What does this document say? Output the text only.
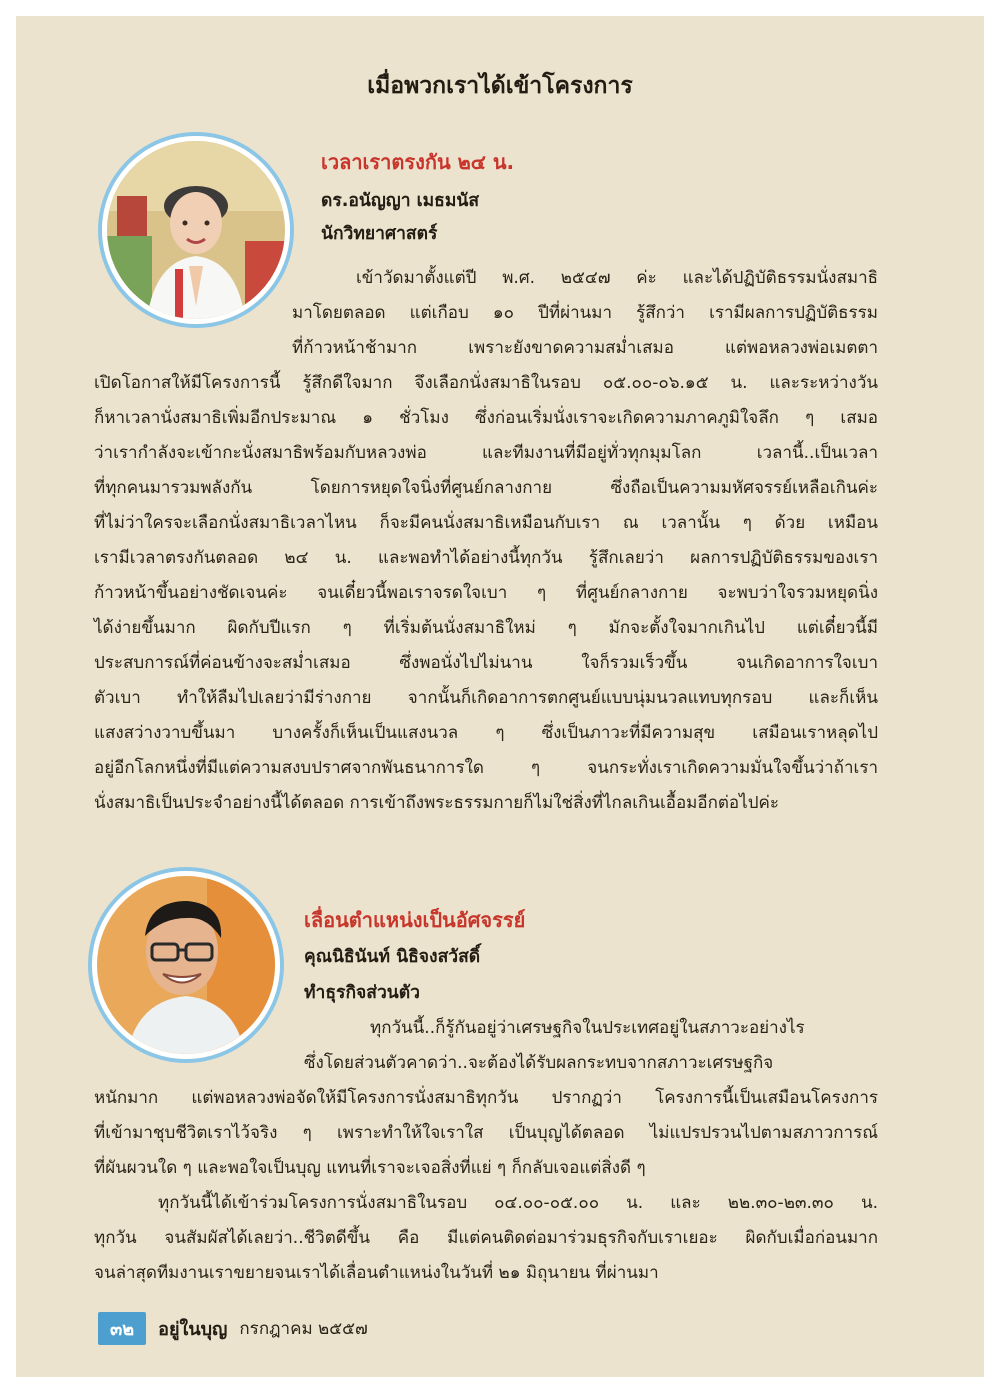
เมื่อพวกเราได้เข้าโครงการ

เวลาเราตรงกัน ๒๔ น.

ดร.อนัญญา เมธมนัส

นักวิทยาศาสตร์

เข้าวัดมาตั้งแต่ปี พ.ศ. ๒๕๔๗ ค่ะ และได้ปฏิบัติธรรมนั่งสมาธิ

มาโดยตลอด แต่เกือบ ๑๐ ปีที่ผ่านมา รู้สึกว่า เรามีผลการปฏิบัติธรรม

ที่ก้าวหน้าช้ามาก เพราะยังขาดความสม่ำเสมอ แต่พอหลวงพ่อเมตตา

เปิดโอกาสให้มีโครงการนี้ รู้สึกดีใจมาก จึงเลือกนั่งสมาธิในรอบ ๐๕.๐๐-๐๖.๑๕ น. และระหว่างวัน

ก็หาเวลานั่งสมาธิเพิ่มอีกประมาณ ๑ ชั่วโมง ซึ่งก่อนเริ่มนั่งเราจะเกิดความภาคภูมิใจลึก ๆ เสมอ

ว่าเรากำลังจะเข้ากะนั่งสมาธิพร้อมกับหลวงพ่อ และทีมงานที่มีอยู่ทั่วทุกมุมโลก เวลานี้..เป็นเวลา

ที่ทุกคนมารวมพลังกัน โดยการหยุดใจนิ่งที่ศูนย์กลางกาย ซึ่งถือเป็นความมหัศจรรย์เหลือเกินค่ะ

ที่ไม่ว่าใครจะเลือกนั่งสมาธิเวลาไหน ก็จะมีคนนั่งสมาธิเหมือนกับเรา ณ เวลานั้น ๆ ด้วย เหมือน

เรามีเวลาตรงกันตลอด ๒๔ น. และพอทำได้อย่างนี้ทุกวัน รู้สึกเลยว่า ผลการปฏิบัติธรรมของเรา

ก้าวหน้าขึ้นอย่างชัดเจนค่ะ จนเดี๋ยวนี้พอเราจรดใจเบา ๆ ที่ศูนย์กลางกาย จะพบว่าใจรวมหยุดนิ่ง

ได้ง่ายขึ้นมาก ผิดกับปีแรก ๆ ที่เริ่มต้นนั่งสมาธิใหม่ ๆ มักจะตั้งใจมากเกินไป แต่เดี๋ยวนี้มี

ประสบการณ์ที่ค่อนข้างจะสม่ำเสมอ ซึ่งพอนั่งไปไม่นาน ใจก็รวมเร็วขึ้น จนเกิดอาการใจเบา

ตัวเบา ทำให้ลืมไปเลยว่ามีร่างกาย จากนั้นก็เกิดอาการตกศูนย์แบบนุ่มนวลแทบทุกรอบ และก็เห็น

แสงสว่างวาบขึ้นมา บางครั้งก็เห็นเป็นแสงนวล ๆ ซึ่งเป็นภาวะที่มีความสุข เสมือนเราหลุดไป

อยู่อีกโลกหนึ่งที่มีแต่ความสงบปราศจากพันธนาการใด ๆ จนกระทั่งเราเกิดความมั่นใจขึ้นว่าถ้าเรา

นั่งสมาธิเป็นประจำอย่างนี้ได้ตลอด การเข้าถึงพระธรรมกายก็ไม่ใช่สิ่งที่ไกลเกินเอื้อมอีกต่อไปค่ะ

เลื่อนตำแหน่งเป็นอัศจรรย์

คุณนิธินันท์ นิธิจงสวัสดิ์

ทำธุรกิจส่วนตัว

ทุกวันนี้..ก็รู้กันอยู่ว่าเศรษฐกิจในประเทศอยู่ในสภาวะอย่างไร

ซึ่งโดยส่วนตัวคาดว่า..จะต้องได้รับผลกระทบจากสภาวะเศรษฐกิจ

หนักมาก แต่พอหลวงพ่อจัดให้มีโครงการนั่งสมาธิทุกวัน ปรากฏว่า โครงการนี้เป็นเสมือนโครงการ

ที่เข้ามาชุบชีวิตเราไว้จริง ๆ เพราะทำให้ใจเราใส เป็นบุญได้ตลอด ไม่แปรปรวนไปตามสภาวการณ์

ที่ผันผวนใด ๆ และพอใจเป็นบุญ แทนที่เราจะเจอสิ่งที่แย่ ๆ ก็กลับเจอแต่สิ่งดี ๆ

ทุกวันนี้ได้เข้าร่วมโครงการนั่งสมาธิในรอบ ๐๔.๐๐-๐๕.๐๐ น. และ ๒๒.๓๐-๒๓.๓๐ น.

ทุกวัน จนสัมผัสได้เลยว่า..ชีวิตดีขึ้น คือ มีแต่คนติดต่อมาร่วมธุรกิจกับเราเยอะ ผิดกับเมื่อก่อนมาก

จนล่าสุดทีมงานเราขยายจนเราได้เลื่อนตำแหน่งในวันที่ ๒๑ มิถุนายน ที่ผ่านมา

๓๒	อยู่ในบุญ กรกฎาคม ๒๕๕๗
